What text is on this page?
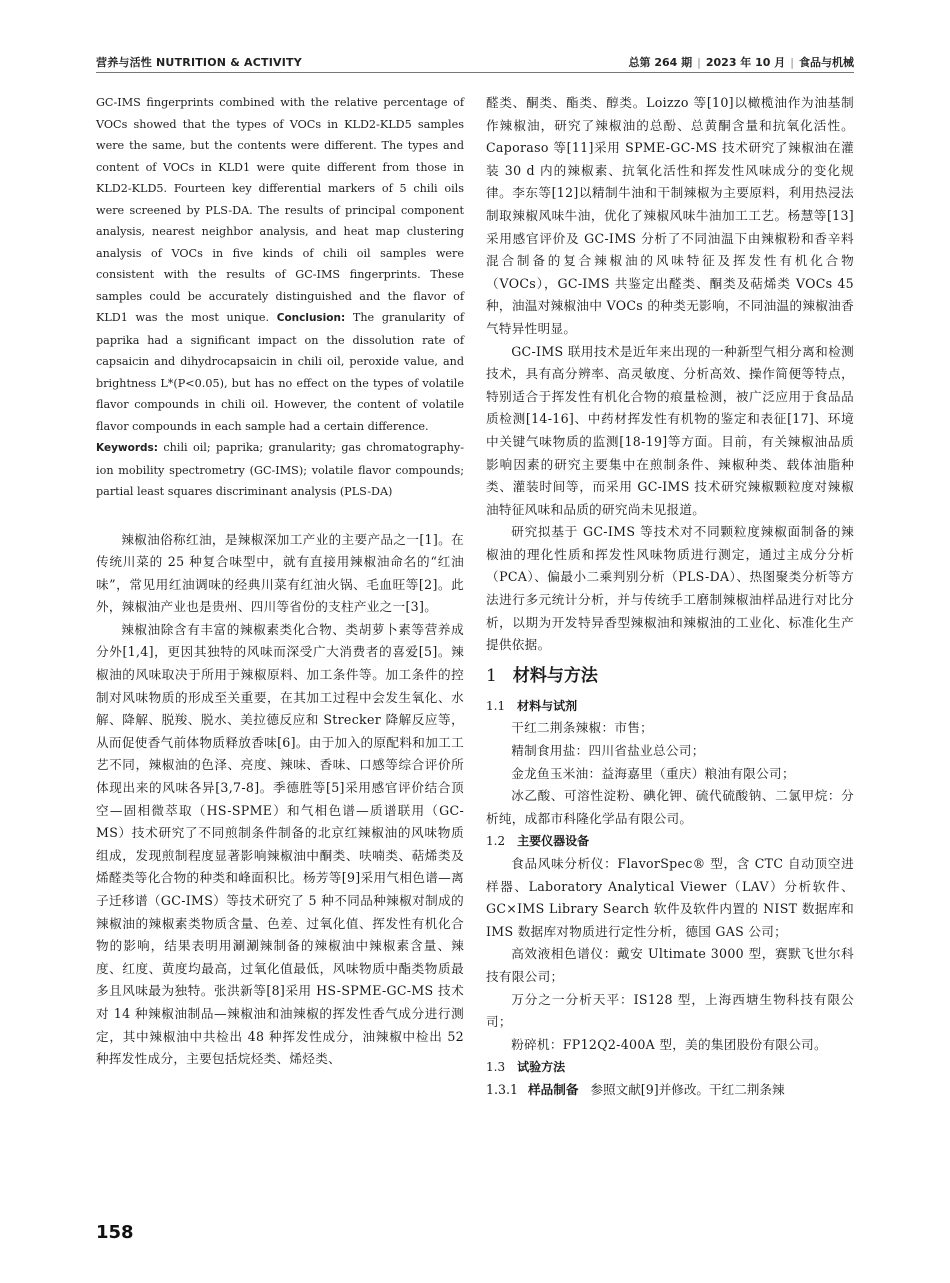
营养与活性 NUTRITION & ACTIVITY	总第 264 期 | 2023 年 10 月 | 食品与机械

GC-IMS fingerprints combined with the relative percentage of VOCs showed that the types of VOCs in KLD2-KLD5 samples were the same, but the contents were different. The types and content of VOCs in KLD1 were quite different from those in KLD2-KLD5. Fourteen key differential markers of 5 chili oils were screened by PLS-DA. The results of principal component analysis, nearest neighbor analysis, and heat map clustering analysis of VOCs in five kinds of chili oil samples were consistent with the results of GC-IMS fingerprints. These samples could be accurately distinguished and the flavor of KLD1 was the most unique. Conclusion: The granularity of paprika had a significant impact on the dissolution rate of capsaicin and dihydrocapsaicin in chili oil, peroxide value, and brightness L*(P<0.05), but has no effect on the types of volatile flavor compounds in chili oil. However, the content of volatile flavor compounds in each sample had a certain difference.

Keywords: chili oil; paprika; granularity; gas chromatography-ion mobility spectrometry (GC-IMS); volatile flavor compounds; partial least squares discriminant analysis (PLS-DA)

辣椒油俗称红油，是辣椒深加工产业的主要产品之一[1]。在传统川菜的 25 种复合味型中，就有直接用辣椒油命名的“红油味”，常见用红油调味的经典川菜有红油火锅、毛血旺等[2]。此外，辣椒油产业也是贵州、四川等省份的支柱产业之一[3]。

辣椒油除含有丰富的辣椒素类化合物、类胡萝卜素等营养成分外[1,4]，更因其独特的风味而深受广大消费者的喜爱[5]。辣椒油的风味取决于所用于辣椒原料、加工条件等。加工条件的控制对风味物质的形成至关重要，在其加工过程中会发生氧化、水解、降解、脱羧、脱水、美拉德反应和 Strecker 降解反应等，从而促使香气前体物质释放香味[6]。由于加入的原配料和加工工艺不同，辣椒油的色泽、亮度、辣味、香味、口感等综合评价所体现出来的风味各异[3,7-8]。季德胜等[5]采用感官评价结合顶空—固相微萃取（HS-SPME）和气相色谱—质谱联用（GC-MS）技术研究了不同煎制条件制备的北京红辣椒油的风味物质组成，发现煎制程度显著影响辣椒油中酮类、呋喃类、萜烯类及烯醛类等化合物的种类和峰面积比。杨芳等[9]采用气相色谱—离子迁移谱（GC-IMS）等技术研究了 5 种不同品种辣椒对制成的辣椒油的辣椒素类物质含量、色差、过氧化值、挥发性有机化合物的影响，结果表明用涮涮辣制备的辣椒油中辣椒素含量、辣度、红度、黄度均最高，过氧化值最低，风味物质中酯类物质最多且风味最为独特。张洪新等[8]采用 HS-SPME-GC-MS 技术对 14 种辣椒油制品—辣椒油和油辣椒的挥发性香气成分进行测定，其中辣椒油中共检出 48 种挥发性成分，油辣椒中检出 52 种挥发性成分，主要包括烷烃类、烯烃类、

醛类、酮类、酯类、醇类。Loizzo 等[10]以橄榄油作为油基制作辣椒油，研究了辣椒油的总酚、总黄酮含量和抗氧化活性。Caporaso 等[11]采用 SPME-GC-MS 技术研究了辣椒油在灌装 30 d 内的辣椒素、抗氧化活性和挥发性风味成分的变化规律。李东等[12]以精制牛油和干制辣椒为主要原料，利用热浸法制取辣椒风味牛油，优化了辣椒风味牛油加工工艺。杨慧等[13]采用感官评价及 GC-IMS 分析了不同油温下由辣椒粉和香辛料混合制备的复合辣椒油的风味特征及挥发性有机化合物（VOCs），GC-IMS 共鉴定出醛类、酮类及萜烯类 VOCs 45 种，油温对辣椒油中 VOCs 的种类无影响，不同油温的辣椒油香气特异性明显。

GC-IMS 联用技术是近年来出现的一种新型气相分离和检测技术，具有高分辨率、高灵敏度、分析高效、操作简便等特点，特别适合于挥发性有机化合物的痕量检测，被广泛应用于食品品质检测[14-16]、中药材挥发性有机物的鉴定和表征[17]、环境中关键气味物质的监测[18-19]等方面。目前，有关辣椒油品质影响因素的研究主要集中在煎制条件、辣椒种类、载体油脂种类、灌装时间等，而采用 GC-IMS 技术研究辣椒颗粒度对辣椒油特征风味和品质的研究尚未见报道。

研究拟基于 GC-IMS 等技术对不同颗粒度辣椒面制备的辣椒油的理化性质和挥发性风味物质进行测定，通过主成分分析（PCA）、偏最小二乘判别分析（PLS-DA）、热图聚类分析等方法进行多元统计分析，并与传统手工磨制辣椒油样品进行对比分析，以期为开发特异香型辣椒油和辣椒油的工业化、标准化生产提供依据。

1 材料与方法

1.1 材料与试剂

干红二荆条辣椒：市售；

精制食用盐：四川省盐业总公司；

金龙鱼玉米油：益海嘉里（重庆）粮油有限公司；

冰乙酸、可溶性淀粉、碘化钾、硫代硫酸钠、二氯甲烷：分析纯，成都市科隆化学品有限公司。

1.2 主要仪器设备

食品风味分析仪：FlavorSpec® 型，含 CTC 自动顶空进样器、Laboratory Analytical Viewer（LAV）分析软件、GC×IMS Library Search 软件及软件内置的 NIST 数据库和 IMS 数据库对物质进行定性分析，德国 GAS 公司；

高效液相色谱仪：戴安 Ultimate 3000 型，赛默飞世尔科技有限公司；

万分之一分析天平：IS128 型，上海西塘生物科技有限公司；

粉碎机：FP12Q2-400A 型，美的集团股份有限公司。

1.3 试验方法

1.3.1 样品制备 参照文献[9]并修改。干红二荆条辣

158
